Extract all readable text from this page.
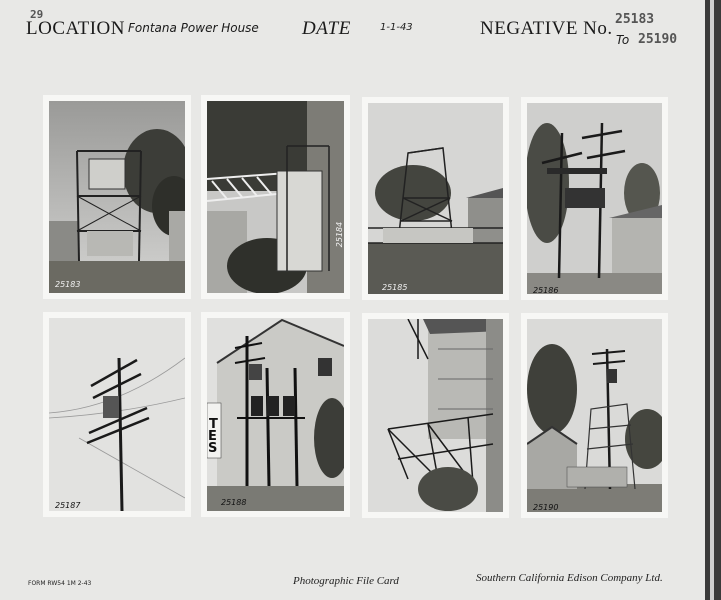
29
LOCATION Fontana Power House DATE	1-1-43	NEGATIVE No. 25183
To 25190
25183
25184
25185	25186
25187
T
E
S
25188
25190
FORM RW54 1M 2-43	Photographic File Card	Southern California Edison Company Ltd.
